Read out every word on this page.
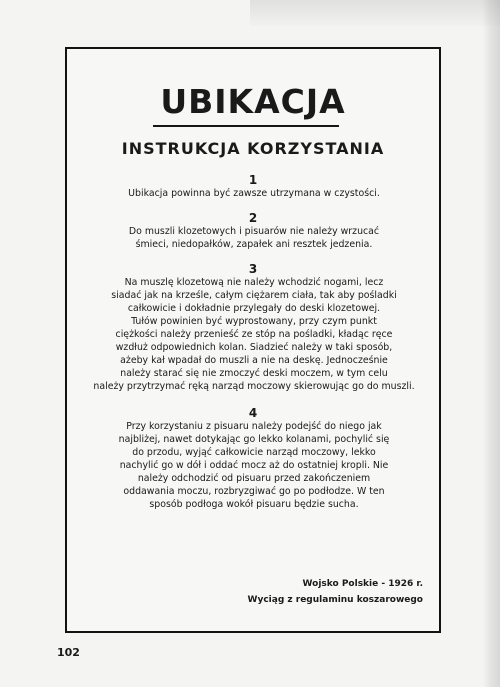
UBIKACJA
INSTRUKCJA KORZYSTANIA
1
Ubikacja powinna być zawsze utrzymana w czystości.
2
Do muszli klozetowych i pisuarów nie należy wrzucać
śmieci, niedopałków, zapałek ani resztek jedzenia.
3
Na muszlę klozetową nie należy wchodzić nogami, lecz
siadać jak na krześle, całym ciężarem ciała, tak aby pośladki
całkowicie i dokładnie przylegały do deski klozetowej.
Tułów powinien być wyprostowany, przy czym punkt
ciężkości należy przenieść ze stóp na pośladki, kładąc ręce
wzdłuż odpowiednich kolan. Siadzieć należy w taki sposób,
ażeby kał wpadał do muszli a nie na deskę. Jednocześnie
należy starać się nie zmoczyć deski moczem, w tym celu
należy przytrzymać ręką narząd moczowy skierowując go do muszli.
4
Przy korzystaniu z pisuaru należy podejść do niego jak
najbliżej, nawet dotykając go lekko kolanami, pochylić się
do przodu, wyjąć całkowicie narząd moczowy, lekko
nachylić go w dół i oddać mocz aż do ostatniej kropli. Nie
należy odchodzić od pisuaru przed zakończeniem
oddawania moczu, rozbryzgiwać go po podłodze. W ten
sposób podłoga wokół pisuaru będzie sucha.
Wojsko Polskie - 1926 r.
Wyciąg z regulaminu koszarowego
102
